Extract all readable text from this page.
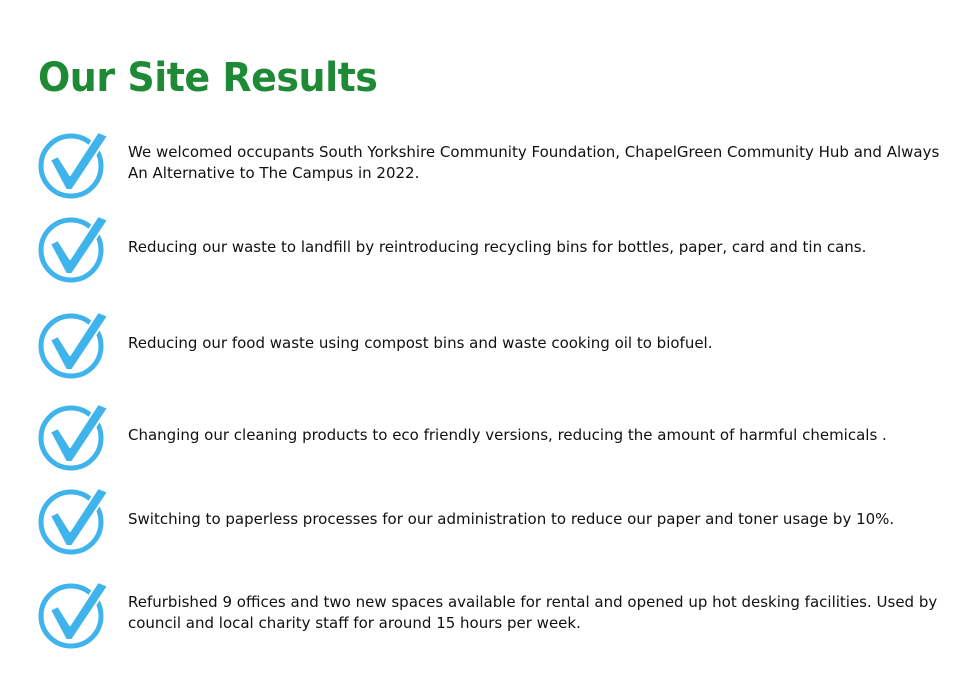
Our Site Results
We welcomed occupants South Yorkshire Community Foundation, ChapelGreen Community Hub and Always An Alternative to The Campus in 2022.
Reducing our waste to landfill by reintroducing recycling bins for bottles, paper, card and tin cans.
Reducing our food waste using compost bins and waste cooking oil to biofuel.
Changing our cleaning products to eco friendly versions, reducing the amount of harmful chemicals .
Switching to paperless processes for our administration to reduce our paper and toner usage by 10%.
Refurbished 9 offices and two new spaces available for rental and opened up hot desking facilities. Used by council and local charity staff for around 15 hours per week.
